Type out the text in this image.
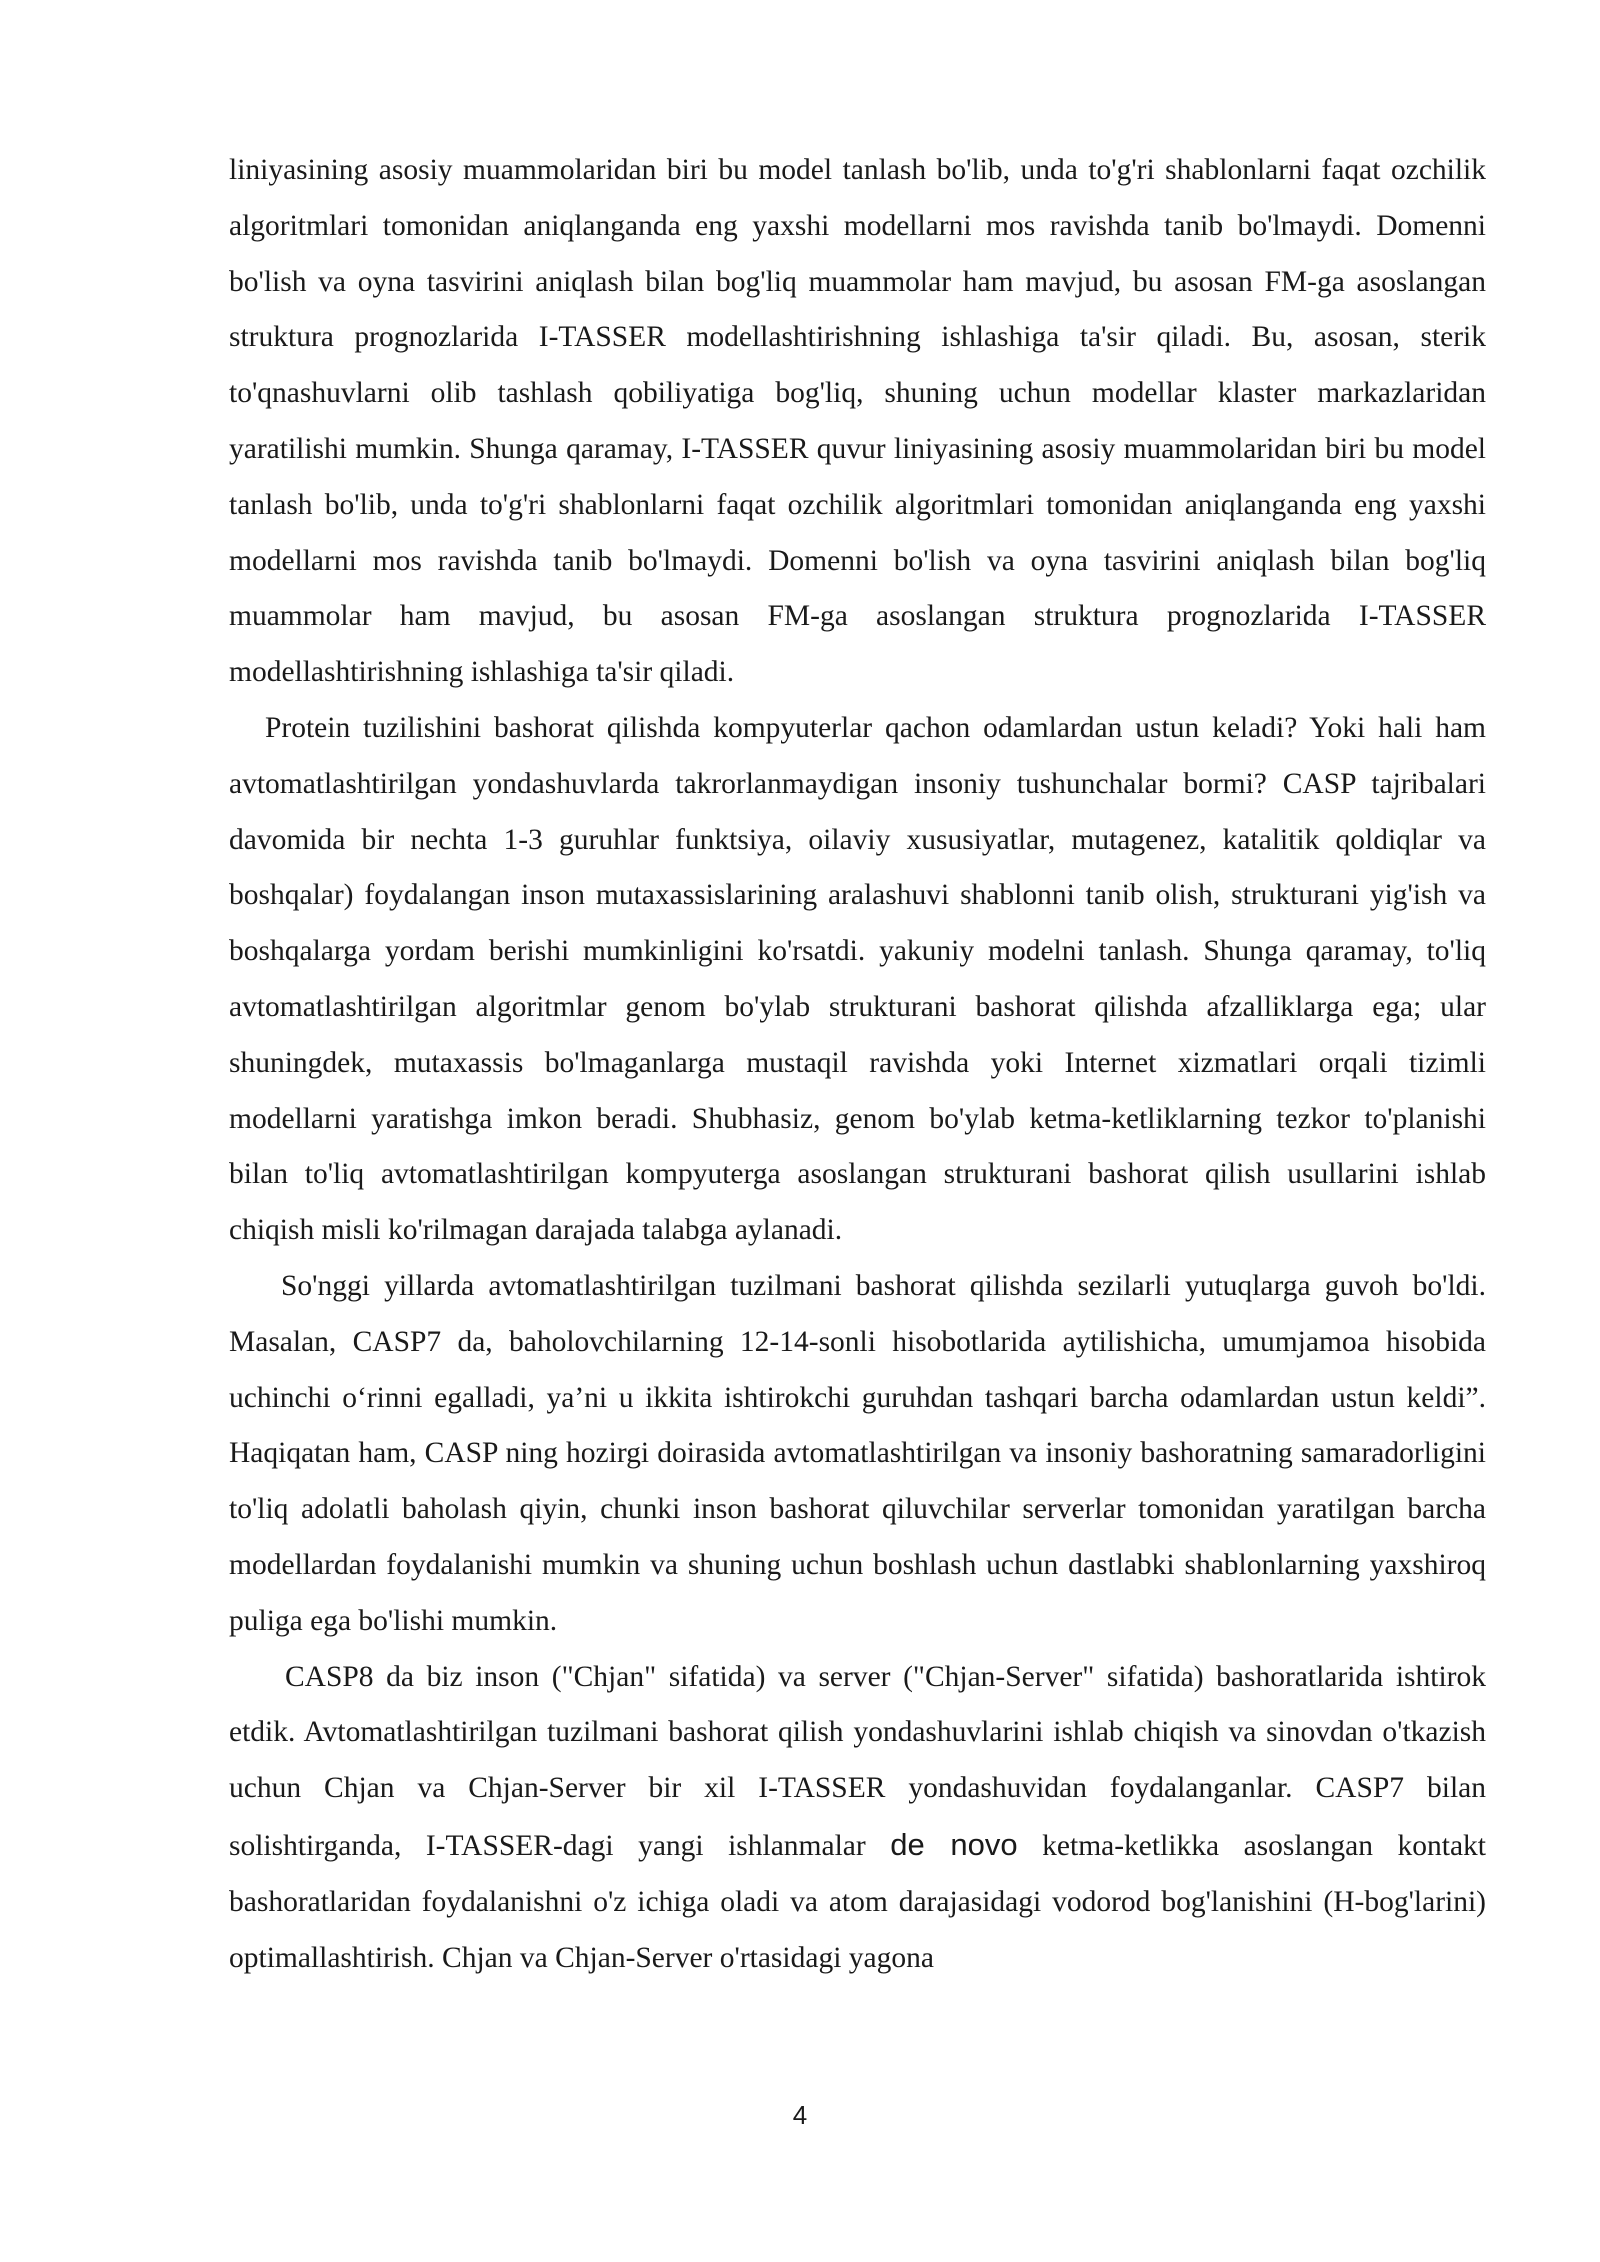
liniyasining asosiy muammolaridan biri bu model tanlash bo'lib, unda to'g'ri shablonlarni faqat ozchilik algoritmlari tomonidan aniqlanganda eng yaxshi modellarni mos ravishda tanib bo'lmaydi. Domenni bo'lish va oyna tasvirini aniqlash bilan bog'liq muammolar ham mavjud, bu asosan FM-ga asoslangan struktura prognozlarida I-TASSER modellashtirishning ishlashiga ta'sir qiladi. Bu, asosan, sterik to'qnashuvlarni olib tashlash qobiliyatiga bog'liq, shuning uchun modellar klaster markazlaridan yaratilishi mumkin. Shunga qaramay, I-TASSER quvur liniyasining asosiy muammolaridan biri bu model tanlash bo'lib, unda to'g'ri shablonlarni faqat ozchilik algoritmlari tomonidan aniqlanganda eng yaxshi modellarni mos ravishda tanib bo'lmaydi. Domenni bo'lish va oyna tasvirini aniqlash bilan bog'liq muammolar ham mavjud, bu asosan FM-ga asoslangan struktura prognozlarida I-TASSER modellashtirishning ishlashiga ta'sir qiladi.

Protein tuzilishini bashorat qilishda kompyuterlar qachon odamlardan ustun keladi? Yoki hali ham avtomatlashtirilgan yondashuvlarda takrorlanmaydigan insoniy tushunchalar bormi? CASP tajribalari davomida bir nechta 1-3 guruhlar funktsiya, oilaviy xususiyatlar, mutagenez, katalitik qoldiqlar va boshqalar) foydalangan inson mutaxassislarining aralashuvi shablonni tanib olish, strukturani yig'ish va boshqalarga yordam berishi mumkinligini ko'rsatdi. yakuniy modelni tanlash. Shunga qaramay, to'liq avtomatlashtirilgan algoritmlar genom bo'ylab strukturani bashorat qilishda afzalliklarga ega; ular shuningdek, mutaxassis bo'lmaganlarga mustaqil ravishda yoki Internet xizmatlari orqali tizimli modellarni yaratishga imkon beradi. Shubhasiz, genom bo'ylab ketma-ketliklarning tezkor to'planishi bilan to'liq avtomatlashtirilgan kompyuterga asoslangan strukturani bashorat qilish usullarini ishlab chiqish misli ko'rilmagan darajada talabga aylanadi.

So'nggi yillarda avtomatlashtirilgan tuzilmani bashorat qilishda sezilarli yutuqlarga guvoh bo'ldi. Masalan, CASP7 da, baholovchilarning 12-14-sonli hisobotlarida aytilishicha, umumjamoa hisobida uchinchi o‘rinni egalladi, ya’ni u ikkita ishtirokchi guruhdan tashqari barcha odamlardan ustun keldi”. Haqiqatan ham, CASP ning hozirgi doirasida avtomatlashtirilgan va insoniy bashoratning samaradorligini to'liq adolatli baholash qiyin, chunki inson bashorat qiluvchilar serverlar tomonidan yaratilgan barcha modellardan foydalanishi mumkin va shuning uchun boshlash uchun dastlabki shablonlarning yaxshiroq puliga ega bo'lishi mumkin.

CASP8 da biz inson ("Chjan" sifatida) va server ("Chjan-Server" sifatida) bashoratlarida ishtirok etdik. Avtomatlashtirilgan tuzilmani bashorat qilish yondashuvlarini ishlab chiqish va sinovdan o'tkazish uchun Chjan va Chjan-Server bir xil I-TASSER yondashuvidan foydalanganlar. CASP7 bilan solishtirganda, I-TASSER-dagi yangi ishlanmalar de novo ketma-ketlikka asoslangan kontakt bashoratlaridan foydalanishni o'z ichiga oladi va atom darajasidagi vodorod bog'lanishini (H-bog'larini) optimallashtirish. Chjan va Chjan-Server o'rtasidagi yagona

4
